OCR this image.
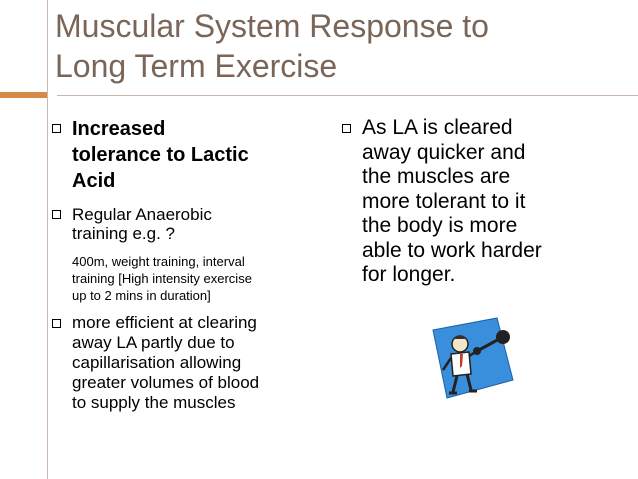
Muscular System Response to
Long Term Exercise
Increased
tolerance to Lactic
Acid
Regular Anaerobic
training e.g. ?
400m, weight training, interval
training [High intensity exercise
up to 2 mins in duration]
more efficient at clearing
away LA partly due to
capillarisation allowing
greater volumes of blood
to supply the muscles
As LA is cleared
away quicker and
the muscles are
more tolerant to it
the body is more
able to work harder
for longer.
